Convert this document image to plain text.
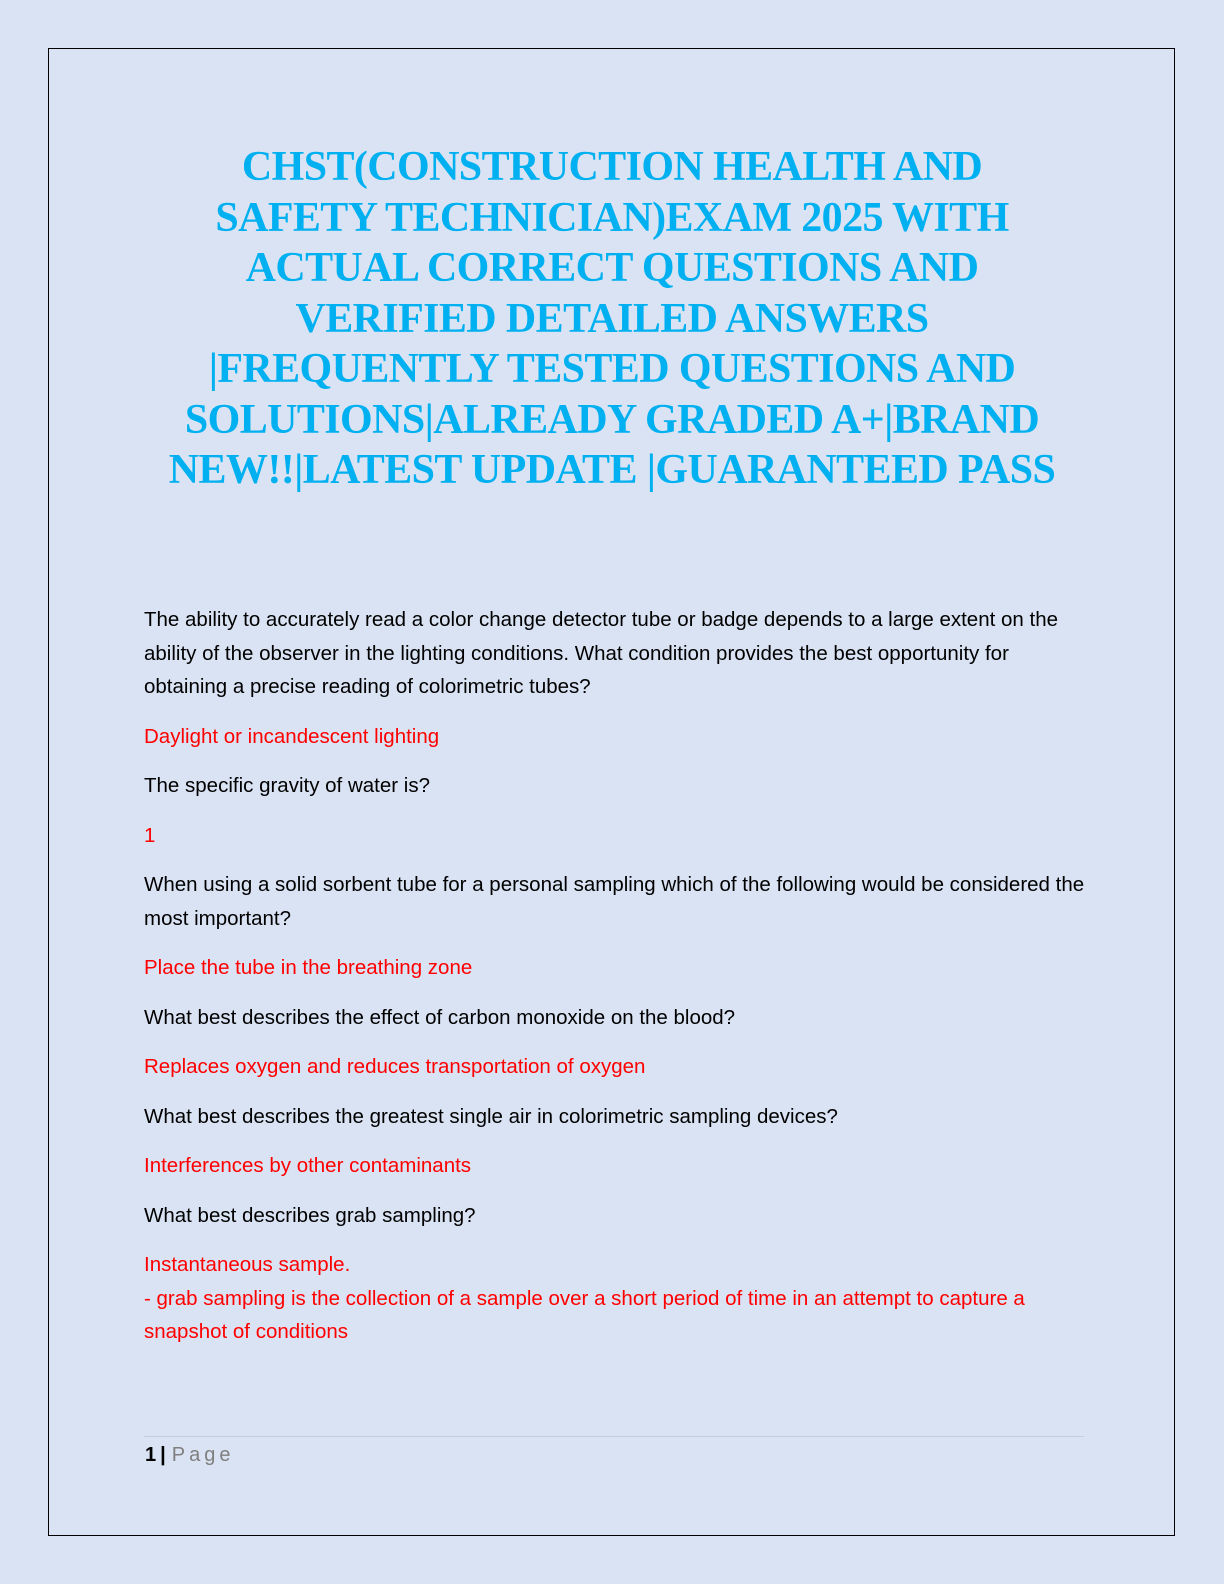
CHST(CONSTRUCTION HEALTH AND
SAFETY TECHNICIAN)EXAM 2025 WITH
ACTUAL CORRECT QUESTIONS AND
VERIFIED DETAILED ANSWERS
|FREQUENTLY TESTED QUESTIONS AND
SOLUTIONS|ALREADY GRADED A+|BRAND
NEW!!|LATEST UPDATE |GUARANTEED PASS

The ability to accurately read a color change detector tube or badge depends to a large extent on the ability of the observer in the lighting conditions. What condition provides the best opportunity for obtaining a precise reading of colorimetric tubes?

Daylight or incandescent lighting

The specific gravity of water is?

1

When using a solid sorbent tube for a personal sampling which of the following would be considered the most important?

Place the tube in the breathing zone

What best describes the effect of carbon monoxide on the blood?

Replaces oxygen and reduces transportation of oxygen

What best describes the greatest single air in colorimetric sampling devices?

Interferences by other contaminants

What best describes grab sampling?

Instantaneous sample.
- grab sampling is the collection of a sample over a short period of time in an attempt to capture a snapshot of conditions

1 | Page
